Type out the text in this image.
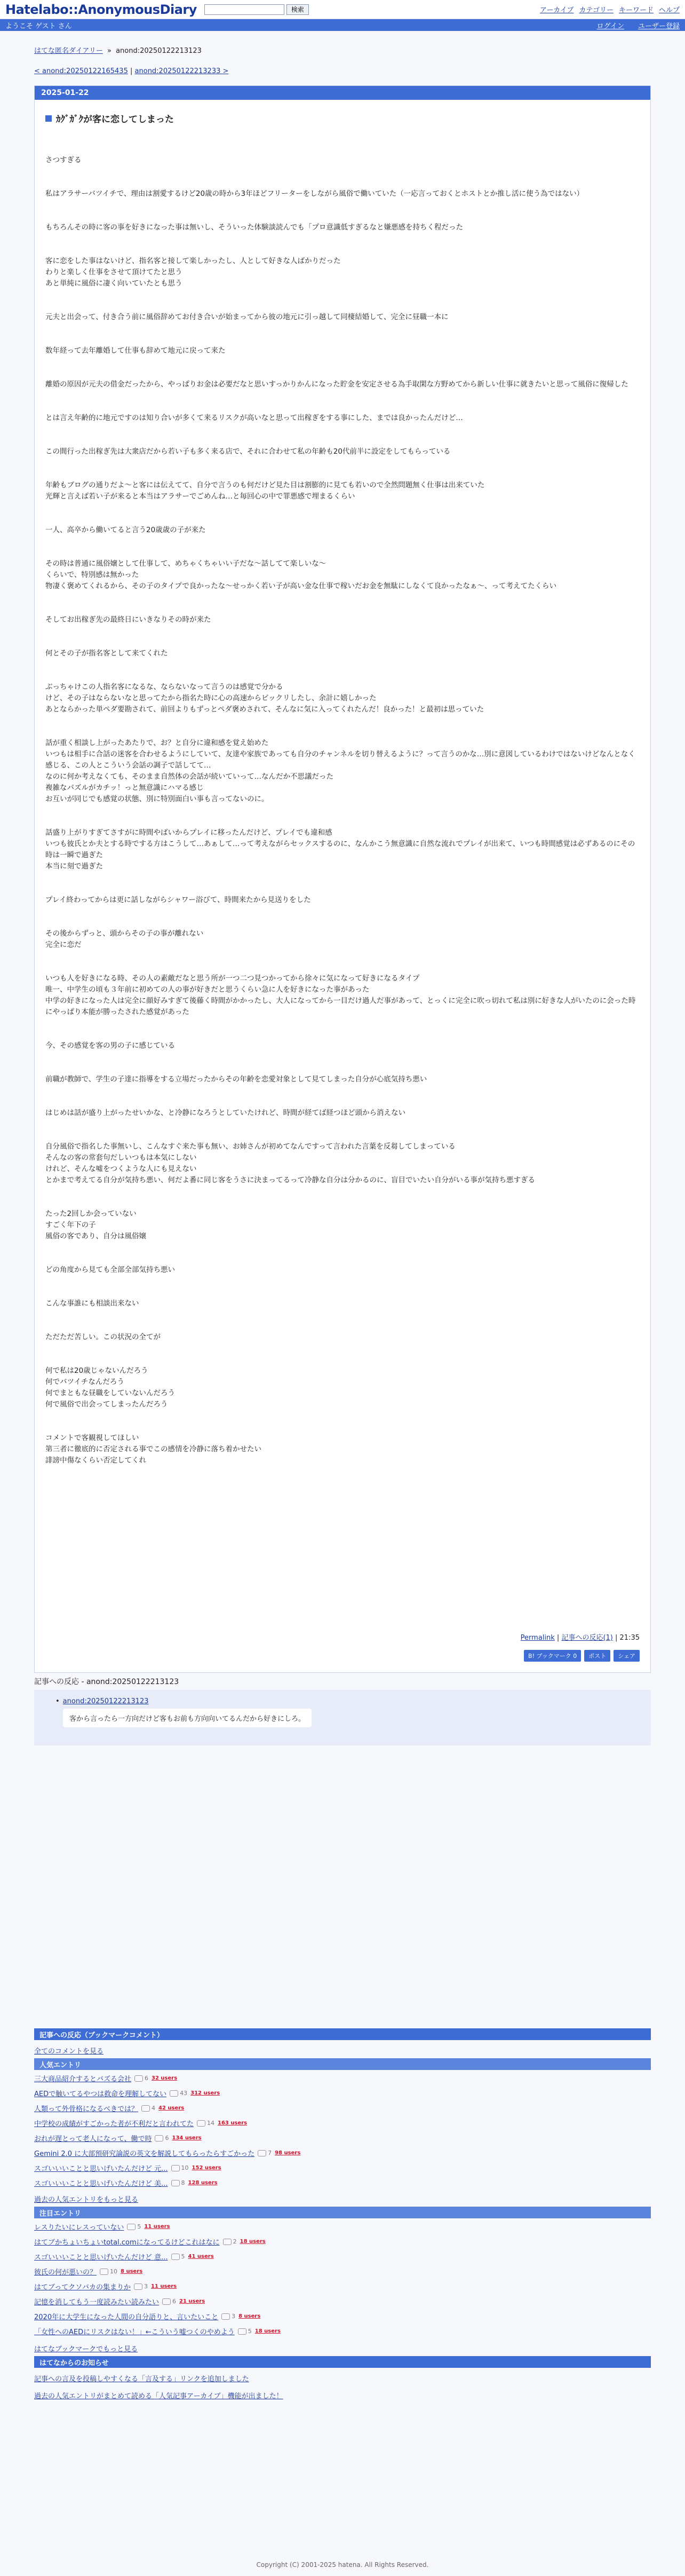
Hatelabo::AnonymousDiary	検索	アーカイブ カテゴリー キーワード ヘルプ
ようこそ ゲスト さん	ログイン ユーザー登録
はてな匿名ダイアリー » anond:20250122213123
< anond:20250122165435 | anond:20250122213233 >
2025-01-22
ｶｸﾞｶﾞｸが客に恋してしまった

さつすぎる

私はアラサーバツイチで、理由は割愛するけど20歳の時から3年ほどフリーターをしながら風俗で働いていた（一応言っておくとホストとか推し活に使う為ではない）

もちろんその時に客の事を好きになった事は無いし、そういった体験談読んでも「プロ意識低すぎるなと嫌悪感を持ちく程だった

客に恋をした事はないけど、指名客と接して楽しかったし、人として好きな人ばかりだった
わりと楽しく仕事をさせて頂けてたと思う
あと単純に風俗に凄く向いていたとも思う

元夫と出会って、付き合う前に風俗辞めてお付き合いが始まってから彼の地元に引っ越して同棲結婚して、完全に昼職一本に

数年経って去年離婚して仕事も辞めて地元に戻って来た

離婚の原因が元夫の借金だったから、やっぱりお金は必要だなと思いすっかりかんになった貯金を安定させる為手取閑な方野めてから新しい仕事に就きたいと思って風俗に復帰した

とは言え年齢的に地元ですのは知り合いが多くて来るリスクが高いなと思って出稼ぎをする事にした、までは良かったんだけど…

この間行った出稼ぎ先は大衆店だから若い子も多く来る店で、それに合わせて私の年齢も20代前半に設定をしてもらっている

年齢もブログの通りだよ〜と客には伝えてて、自分で言うのも何だけど見た目は割膨的に見ても若いので全然問題無く仕事は出来ていた
光輝と言えば若い子が来ると本当はアラサーでごめんね…と毎回心の中で罪悪感で埋まるくらい

一人、高卒から働いてると言う20歳歳の子が来た

その時は普通に風俗嬢として仕事して、めちゃくちゃいい子だな〜話してて楽しいな〜
くらいで、特別感は無かった
物凄く褒めてくれるから、その子のタイプで良かったな〜せっかく若い子が高い金な仕事で稼いだお金を無駄にしなくて良かったなぁ〜、って考えてたくらい

そしてお出稼ぎ先の最終日にいきなりその時が来た

何とその子が指名客として来てくれた

ぶっちゃけこの人指名客になるな、ならないなって言うのは感覚で分かる
けど、その子はならないなと思ってたから指名た時に心の高速からビックリしたし、余計に嬉しかった
あとならかった単ペダ要勘されて、前回よりもずっとペダ褒めされて、そんなに気に入ってくれたんだ！良かった！と最初は思っていた

話が重く相談し上がったあたりで、お？と自分に違和感を覚え始めた
いつもは相手に合話の迷客を合わせるようにしていて、友達や家族であっても自分のチャンネルを切り替えるように？って言うのかな…別に意図しているわけではないけどなんとなく感じる、この人とこういう会話の調子で話してて…
なのに何か考えなくても、そのまま自然体の会話が続いていって…なんだか不思議だった
複雑なパズルがカチッ！っと無意識にハマる感じ
お互いが同じでも感覚の状態、別に特別面白い事も言ってないのに。

話盛り上がりすぎてさすがに時間やばいからプレイに移ったんだけど、プレイでも違和感
いつも彼氏とか夫とする時でする方はこうして…あぁして…って考えながらセックスするのに、なんかこう無意識に自然な流れでプレイが出来て、いつも時間感覚は必ずあるのにその時は一瞬で過ぎた
本当に刻で過ぎた

プレイ終わってからは更に話しながらシャワー浴びて、時間来たから見送りをした

その後からずっと、頭からその子の事が離れない
完全に恋だ

いつも人を好きになる時、その人の素敵だなと思う所が一つ二つ見つかってから徐々に気になって好きになるタイプ
唯一、中学生の頃も３年前に初めての人の事が好きだと思うくらい急に人を好きになった事があった
中学の好きになった人は完全に顔好みすぎて後藤く時間がかかったし、大人になってから一目だけ過人だ事があって、とっくに完全に吹っ切れて私は別に好きな人がいたのに会った時にやっぱり本能が勝ったされた感覚があった

今、その感覚を客の男の子に感じている

前職が教師で、学生の子達に指導をする立場だったからその年齢を恋愛対象として見てしまった自分が心底気持ち悪い

はじめは話が盛り上がったせいかな、と冷静になろうとしていたけれど、時間が経てば経つほど頭から消えない

自分風俗で指名した事無いし、こんなすぐ来た事も無い、お姉さんが初めてなんですって言われた言葉を反芻してしまっている
そんなの客の常套句だしいつもは本気にしない
けれど、そんな噓をつくような人にも見えない
とかまで考えてる自分が気持ち悪い、何だよ番に同じ客をうさに決まってるって冷静な自分は分かるのに、盲目でいたい自分がいる事が気持ち悪すぎる

たった2回しか会っていない
すごく年下の子
風俗の客であり、自分は風俗嬢

どの角度から見ても全部全部気持ち悪い

こんな事誰にも相談出来ない

ただただ苦しい。この状況の全てが

何で私は20歳じゃないんだろう
何でバツイチなんだろう
何でまともな昼職をしていないんだろう
何で風俗で出会ってしまったんだろう

コメントで客観視してほしい
第三者に徹底的に否定される事でこの感情を冷静に落ち着かせたい
誹謗中傷なくらい否定してくれ

Permalink | 記事への反応(1) | 21:35
B! ブックマーク 0	ポスト	シェア
記事への反応 - anond:20250122213123
• anond:20250122213123
客から言ったら一方向だけど客もお前も方向向いてるんだから好きにしろ。
記事への反応（ブックマークコメント）
全てのコメントを見る
人気エントリ
三大商品紹介するとバズる会社 6 32 users
AEDで触いてるやつは救命を理解してない 43 312 users
人類って外骨格になるべきでは？ 4 42 users
中学校の成績がすごかった者が不利だと言われてた 14 163 users
おれが遅とって老人になって、働で時 6 134 users
Gemini 2.0 に大部預研究論説の英文を解説してもらったらすごかった 7 98 users
スゴいいいことと思いげいたんだけど 元... 10 152 users
スゴいいいことと思いげいたんだけど 美... 8 128 users
過去の人気エントリをもっと見る
注目エントリ
レスりたいにレスっていない 5 11 users
はてブかちょいちょいtotal.comになってるけどこれはなに 2 18 users
スゴいいいことと思いげいたんだけど 意... 5 41 users
彼氏の何が悪いの？ 10 8 users
はてブってクソバカの集まりか 3 11 users
記憶を消してもう一度読みたい読みたい 6 21 users
2020年に大学生になった人間の自分語りと、言いたいこと 3 8 users
「女性へのAEDにリスクはない！」←こういう嘘つくのやめよう 5 18 users
はてなブックマークでもっと見る
はてなからのお知らせ
記事への言及を投稿しやすくなる「言及する」リンクを追加しました
過去の人気エントリがまとめて読める「人気記事アーカイブ」機能が出ました！
Copyright (C) 2001-2025 hatena. All Rights Reserved.
